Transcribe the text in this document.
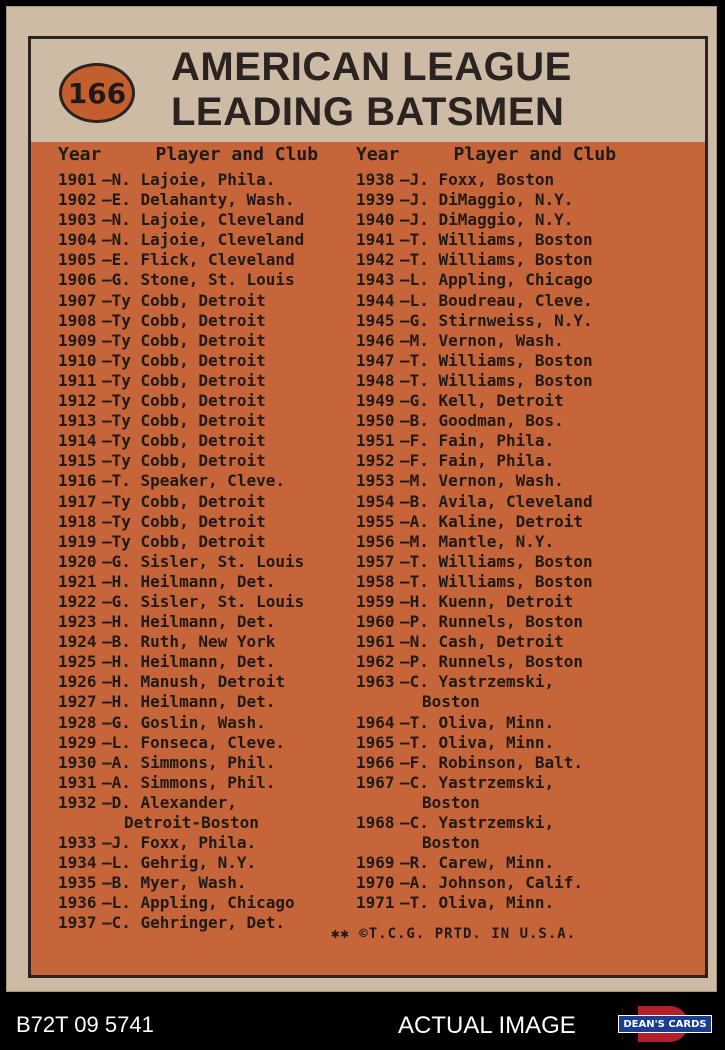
166
AMERICAN LEAGUE
LEADING BATSMEN
Year	Player and Club
1901 —N. Lajoie, Phila.
1902 —E. Delahanty, Wash.
1903 —N. Lajoie, Cleveland
1904 —N. Lajoie, Cleveland
1905 —E. Flick, Cleveland
1906 —G. Stone, St. Louis
1907 —Ty Cobb, Detroit
1908 —Ty Cobb, Detroit
1909 —Ty Cobb, Detroit
1910 —Ty Cobb, Detroit
1911 —Ty Cobb, Detroit
1912 —Ty Cobb, Detroit
1913 —Ty Cobb, Detroit
1914 —Ty Cobb, Detroit
1915 —Ty Cobb, Detroit
1916 —T. Speaker, Cleve.
1917 —Ty Cobb, Detroit
1918 —Ty Cobb, Detroit
1919 —Ty Cobb, Detroit
1920 —G. Sisler, St. Louis
1921 —H. Heilmann, Det.
1922 —G. Sisler, St. Louis
1923 —H. Heilmann, Det.
1924 —B. Ruth, New York
1925 —H. Heilmann, Det.
1926 —H. Manush, Detroit
1927 —H. Heilmann, Det.
1928 —G. Goslin, Wash.
1929 —L. Fonseca, Cleve.
1930 —A. Simmons, Phil.
1931 —A. Simmons, Phil.
1932 —D. Alexander,
Detroit-Boston
1933 —J. Foxx, Phila.
1934 —L. Gehrig, N.Y.
1935 —B. Myer, Wash.
1936 —L. Appling, Chicago
1937 —C. Gehringer, Det.
Year	Player and Club
1938 —J. Foxx, Boston
1939 —J. DiMaggio, N.Y.
1940 —J. DiMaggio, N.Y.
1941 —T. Williams, Boston
1942 —T. Williams, Boston
1943 —L. Appling, Chicago
1944 —L. Boudreau, Cleve.
1945 —G. Stirnweiss, N.Y.
1946 —M. Vernon, Wash.
1947 —T. Williams, Boston
1948 —T. Williams, Boston
1949 —G. Kell, Detroit
1950 —B. Goodman, Bos.
1951 —F. Fain, Phila.
1952 —F. Fain, Phila.
1953 —M. Vernon, Wash.
1954 —B. Avila, Cleveland
1955 —A. Kaline, Detroit
1956 —M. Mantle, N.Y.
1957 —T. Williams, Boston
1958 —T. Williams, Boston
1959 —H. Kuenn, Detroit
1960 —P. Runnels, Boston
1961 —N. Cash, Detroit
1962 —P. Runnels, Boston
1963 —C. Yastrzemski,
Boston
1964 —T. Oliva, Minn.
1965 —T. Oliva, Minn.
1966 —F. Robinson, Balt.
1967 —C. Yastrzemski,
Boston
1968 —C. Yastrzemski,
Boston
1969 —R. Carew, Minn.
1970 —A. Johnson, Calif.
1971 —T. Oliva, Minn.
✱✱ ©T.C.G. PRTD. IN U.S.A.
B72T 09 5741	ACTUAL IMAGE	DEAN'S CARDS
